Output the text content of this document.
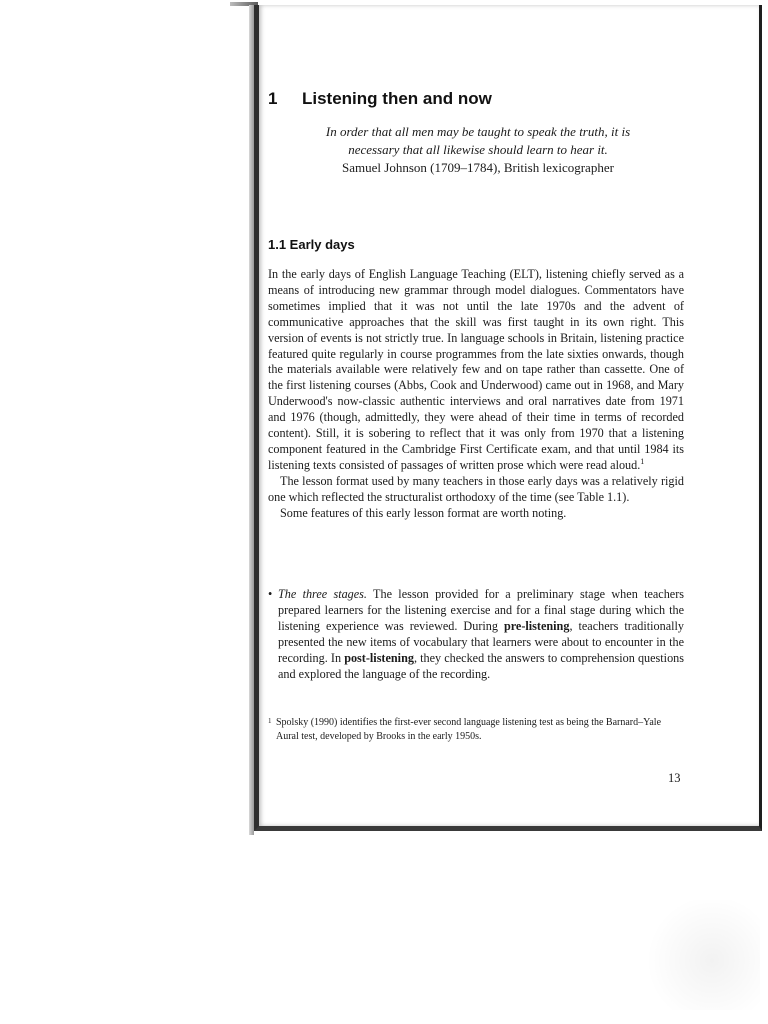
1 Listening then and now
In order that all men may be taught to speak the truth, it is
necessary that all likewise should learn to hear it.
Samuel Johnson (1709–1784), British lexicographer
1.1 Early days

In the early days of English Language Teaching (ELT), listening chiefly served as a means of introducing new grammar through model dialogues. Commentators have sometimes implied that it was not until the late 1970s and the advent of communicative approaches that the skill was first taught in its own right. This version of events is not strictly true. In language schools in Britain, listening practice featured quite regularly in course programmes from the late sixties onwards, though the materials available were relatively few and on tape rather than cassette. One of the first listening courses (Abbs, Cook and Underwood) came out in 1968, and Mary Underwood's now-classic authentic interviews and oral narratives date from 1971 and 1976 (though, admittedly, they were ahead of their time in terms of recorded content). Still, it is sobering to reflect that it was only from 1970 that a listening component featured in the Cambridge First Certificate exam, and that until 1984 its listening texts consisted of passages of written prose which were read aloud.$^1$

The lesson format used by many teachers in those early days was a relatively rigid one which reflected the structuralist orthodoxy of the time (see Table 1.1).

Some features of this early lesson format are worth noting.

• The three stages. The lesson provided for a preliminary stage when teachers prepared learners for the listening exercise and for a final stage during which the listening experience was reviewed. During pre-listening, teachers traditionally presented the new items of vocabulary that learners were about to encounter in the recording. In post-listening, they checked the answers to comprehension questions and explored the language of the recording.
1 Spolsky (1990) identifies the first-ever second language listening test as being the Barnard–Yale Aural test, developed by Brooks in the early 1950s.
13
